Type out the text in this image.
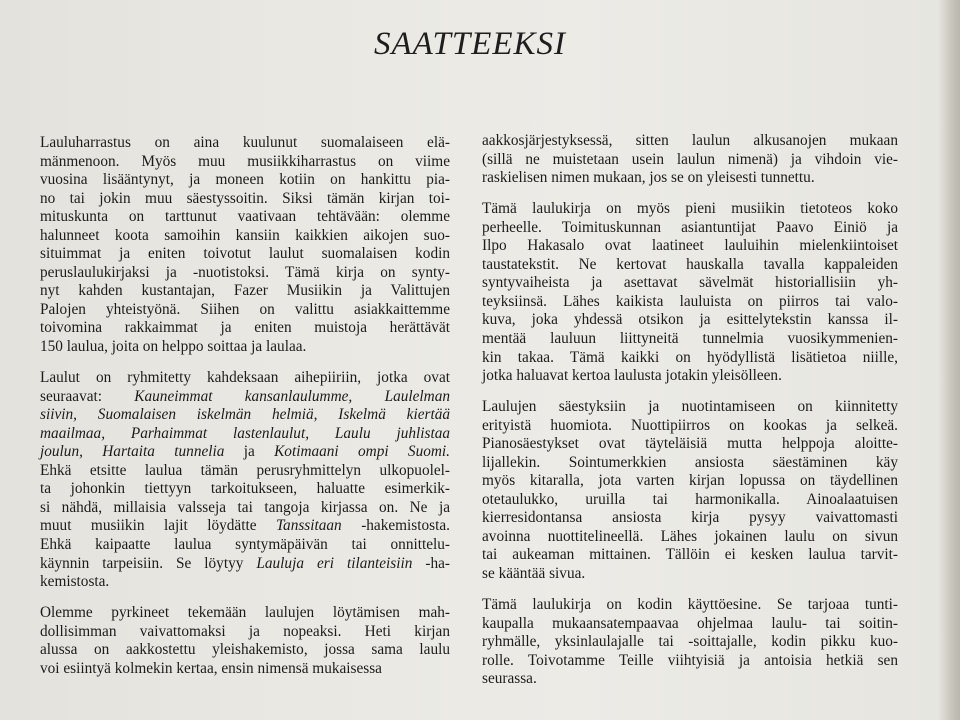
SAATTEEKSI

Lauluharrastus on aina kuulunut suomalaiseen elä-
mänmenoon. Myös muu musiikkiharrastus on viime
vuosina lisääntynyt, ja moneen kotiin on hankittu pia-
no tai jokin muu säestyssoitin. Siksi tämän kirjan toi-
mituskunta on tarttunut vaativaan tehtävään: olemme
halunneet koota samoihin kansiin kaikkien aikojen suo-
situimmat ja eniten toivotut laulut suomalaisen kodin
peruslaulukirjaksi ja -nuotistoksi. Tämä kirja on synty-
nyt kahden kustantajan, Fazer Musiikin ja Valittujen
Palojen yhteistyönä. Siihen on valittu asiakkaittemme
toivomina rakkaimmat ja eniten muistoja herättävät
150 laulua, joita on helppo soittaa ja laulaa.

Laulut on ryhmitetty kahdeksaan aihepiiriin, jotka ovat
seuraavat: Kauneimmat kansanlaulumme, Laulelman
siivin, Suomalaisen iskelmän helmiä, Iskelmä kiertää
maailmaa, Parhaimmat lastenlaulut, Laulu juhlistaa
joulun, Hartaita tunnelia ja Kotimaani ompi Suomi.
Ehkä etsitte laulua tämän perusryhmittelyn ulkopuolel-
ta johonkin tiettyyn tarkoitukseen, haluatte esimerkik-
si nähdä, millaisia valsseja tai tangoja kirjassa on. Ne ja
muut musiikin lajit löydätte Tanssitaan -hakemistosta.
Ehkä kaipaatte laulua syntymäpäivän tai onnittelu-
käynnin tarpeisiin. Se löytyy Lauluja eri tilanteisiin -ha-
kemistosta.

Olemme pyrkineet tekemään laulujen löytämisen mah-
dollisimman vaivattomaksi ja nopeaksi. Heti kirjan
alussa on aakkostettu yleishakemisto, jossa sama laulu
voi esiintyä kolmekin kertaa, ensin nimensä mukaisessa

aakkosjärjestyksessä, sitten laulun alkusanojen mukaan
(sillä ne muistetaan usein laulun nimenä) ja vihdoin vie-
raskielisen nimen mukaan, jos se on yleisesti tunnettu.

Tämä laulukirja on myös pieni musiikin tietoteos koko
perheelle. Toimituskunnan asiantuntijat Paavo Einiö ja
Ilpo Hakasalo ovat laatineet lauluihin mielenkiintoiset
taustatekstit. Ne kertovat hauskalla tavalla kappaleiden
syntyvaiheista ja asettavat sävelmät historiallisiin yh-
teyksiinsä. Lähes kaikista lauluista on piirros tai valo-
kuva, joka yhdessä otsikon ja esittelytekstin kanssa il-
mentää lauluun liittyneitä tunnelmia vuosikymmenien-
kin takaa. Tämä kaikki on hyödyllistä lisätietoa niille,
jotka haluavat kertoa laulusta jotakin yleisölleen.

Laulujen säestyksiin ja nuotintamiseen on kiinnitetty
erityistä huomiota. Nuottipiirros on kookas ja selkeä.
Pianosäestykset ovat täyteläisiä mutta helppoja aloitte-
lijallekin. Sointumerkkien ansiosta säestäminen käy
myös kitaralla, jota varten kirjan lopussa on täydellinen
otetaulukko, uruilla tai harmonikalla. Ainoalaatuisen
kierresidontansa ansiosta kirja pysyy vaivattomasti
avoinna nuottitelineellä. Lähes jokainen laulu on sivun
tai aukeaman mittainen. Tällöin ei kesken laulua tarvit-
se kääntää sivua.

Tämä laulukirja on kodin käyttöesine. Se tarjoaa tunti-
kaupalla mukaansatempaavaa ohjelmaa laulu- tai soitin-
ryhmälle, yksinlaulajalle tai -soittajalle, kodin pikku kuo-
rolle. Toivotamme Teille viihtyisiä ja antoisia hetkiä sen
seurassa.
